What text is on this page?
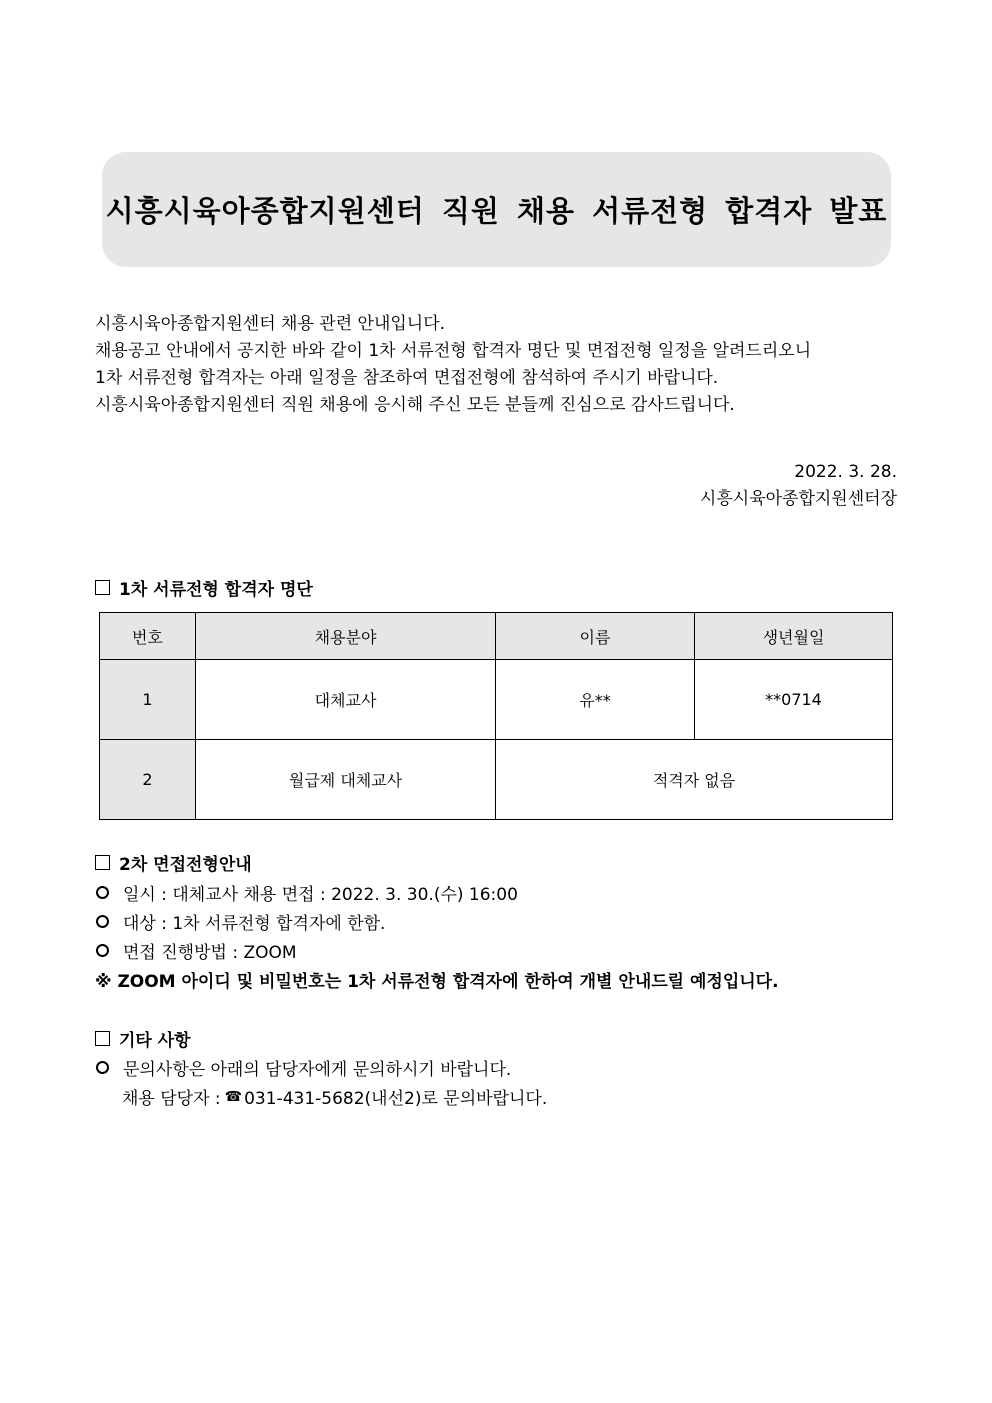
시흥시육아종합지원센터 직원 채용 서류전형 합격자 발표

시흥시육아종합지원센터 채용 관련 안내입니다.

채용공고 안내에서 공지한 바와 같이 1차 서류전형 합격자 명단 및 면접전형 일정을 알려드리오니

1차 서류전형 합격자는 아래 일정을 참조하여 면접전형에 참석하여 주시기 바랍니다.

시흥시육아종합지원센터 직원 채용에 응시해 주신 모든 분들께 진심으로 감사드립니다.

2022. 3. 28.
시흥시육아종합지원센터장
1차 서류전형 합격자 명단
번호	채용분야	이름	생년월일
1	대체교사	유**	**0714
2	월급제 대체교사	적격자 없음	
2차 면접전형안내
일시 : 대체교사 채용 면접 : 2022. 3. 30.(수) 16:00
대상 : 1차 서류전형 합격자에 한함.
면접 진행방법 : ZOOM
※ ZOOM 아이디 및 비밀번호는 1차 서류전형 합격자에 한하여 개별 안내드릴 예정입니다.
기타 사항
문의사항은 아래의 담당자에게 문의하시기 바랍니다.
채용 담당자 : ☎ 031-431-5682(내선2)로 문의바랍니다.
